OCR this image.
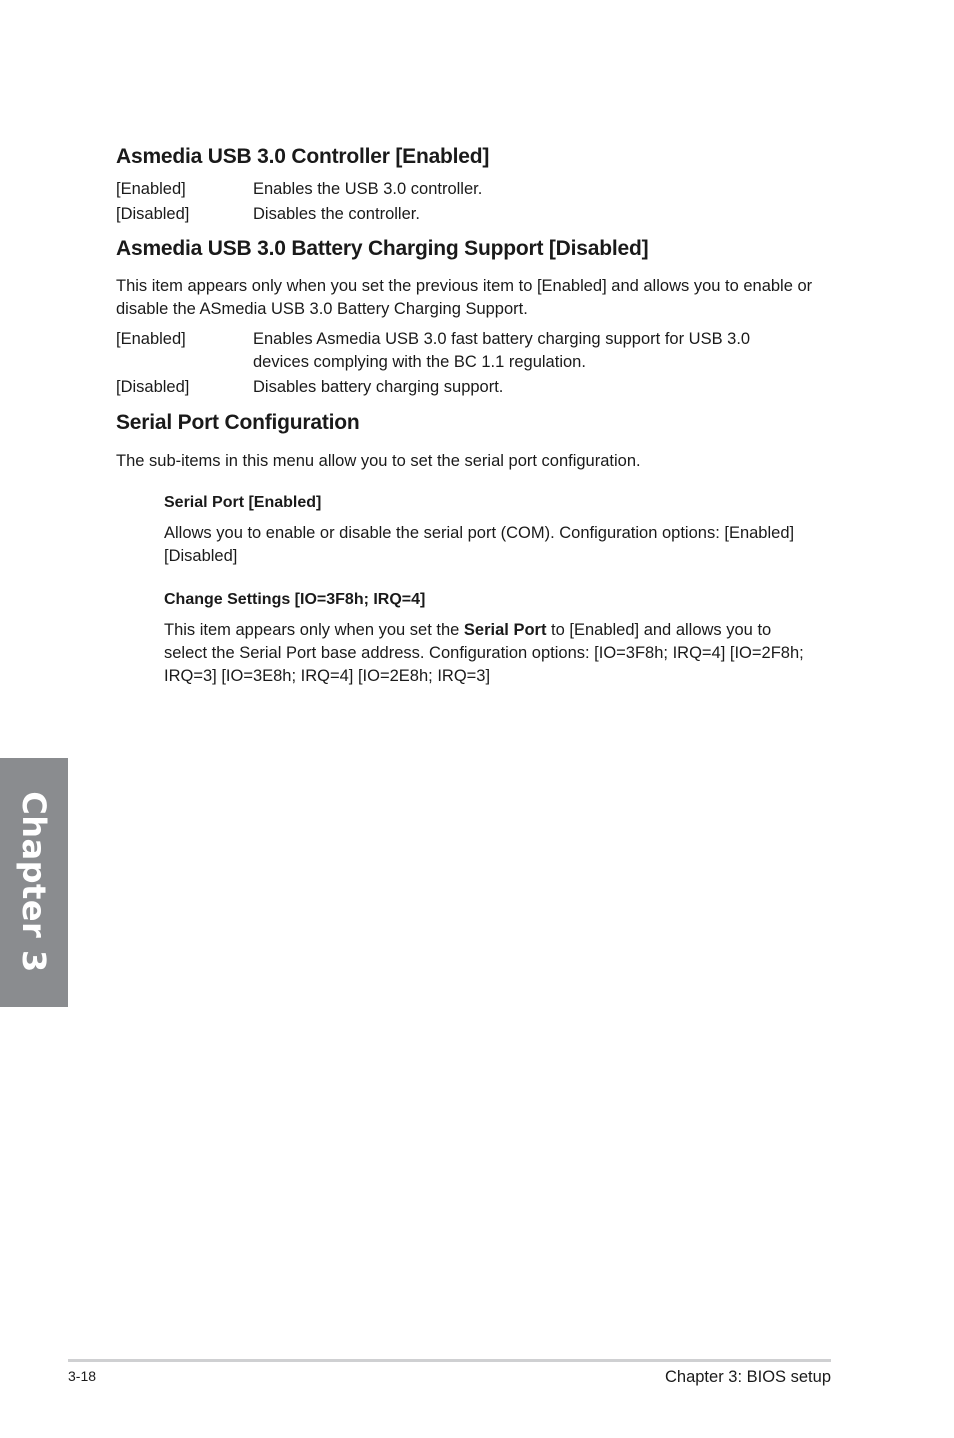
Asmedia USB 3.0 Controller [Enabled]
[Enabled]	Enables the USB 3.0 controller.
[Disabled]	Disables the controller.
Asmedia USB 3.0 Battery Charging Support [Disabled]

This item appears only when you set the previous item to [Enabled] and allows you to enable or disable the ASmedia USB 3.0 Battery Charging Support.

[Enabled]	Enables Asmedia USB 3.0 fast battery charging support for USB 3.0 devices complying with the BC 1.1 regulation.
[Disabled]	Disables battery charging support.
Serial Port Configuration

The sub-items in this menu allow you to set the serial port configuration.

Serial Port [Enabled]

Allows you to enable or disable the serial port (COM). Configuration options: [Enabled] [Disabled]

Change Settings [IO=3F8h; IRQ=4]

This item appears only when you set the Serial Port to [Enabled] and allows you to select the Serial Port base address. Configuration options: [IO=3F8h; IRQ=4] [IO=2F8h; IRQ=3] [IO=3E8h; IRQ=4] [IO=2E8h; IRQ=3]

Chapter 3
3-18	Chapter 3: BIOS setup
